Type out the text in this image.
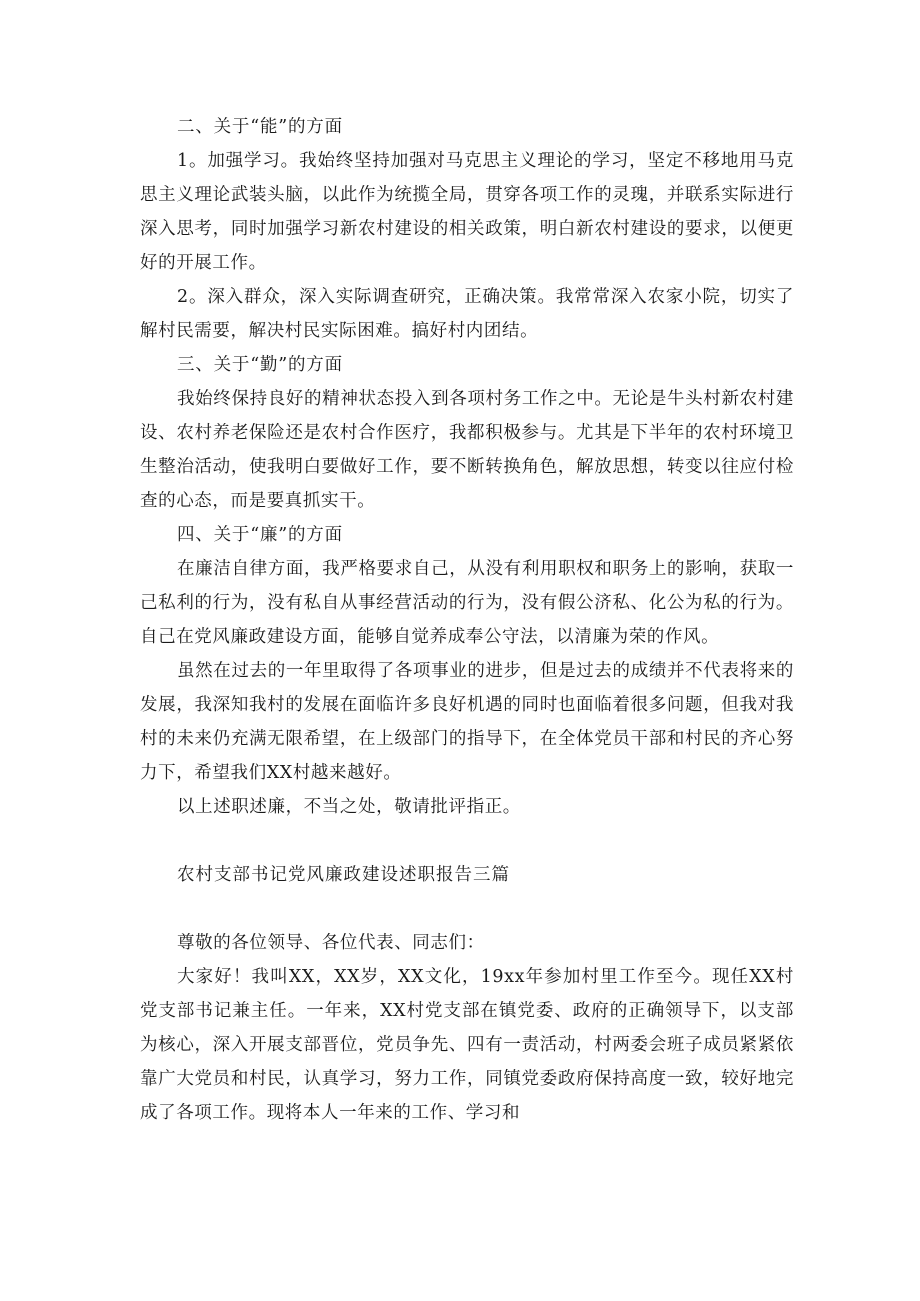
二、关于“能”的方面

1。加强学习。我始终坚持加强对马克思主义理论的学习，坚定不移地用马克思主义理论武装头脑，以此作为统揽全局，贯穿各项工作的灵瑰，并联系实际进行深入思考，同时加强学习新农村建设的相关政策，明白新农村建设的要求，以便更好的开展工作。

2。深入群众，深入实际调查研究，正确决策。我常常深入农家小院，切实了解村民需要，解决村民实际困难。搞好村内团结。

三、关于“勤”的方面

我始终保持良好的精神状态投入到各项村务工作之中。无论是牛头村新农村建设、农村养老保险还是农村合作医疗，我都积极参与。尤其是下半年的农村环境卫生整治活动，使我明白要做好工作，要不断转换角色，解放思想，转变以往应付检查的心态，而是要真抓实干。

四、关于“廉”的方面

在廉洁自律方面，我严格要求自己，从没有利用职权和职务上的影响，获取一己私利的行为，没有私自从事经营活动的行为，没有假公济私、化公为私的行为。自己在党风廉政建设方面，能够自觉养成奉公守法，以清廉为荣的作风。

虽然在过去的一年里取得了各项事业的进步，但是过去的成绩并不代表将来的发展，我深知我村的发展在面临许多良好机遇的同时也面临着很多问题，但我对我村的未来仍充满无限希望，在上级部门的指导下，在全体党员干部和村民的齐心努力下，希望我们XX村越来越好。

以上述职述廉，不当之处，敬请批评指正。

农村支部书记党风廉政建设述职报告三篇

尊敬的各位领导、各位代表、同志们：

大家好！我叫XX，XX岁，XX文化，19xx年参加村里工作至今。现任XX村党支部书记兼主任。一年来，XX村党支部在镇党委、政府的正确领导下，以支部为核心，深入开展支部晋位，党员争先、四有一责活动，村两委会班子成员紧紧依靠广大党员和村民，认真学习，努力工作，同镇党委政府保持高度一致，较好地完成了各项工作。现将本人一年来的工作、学习和
